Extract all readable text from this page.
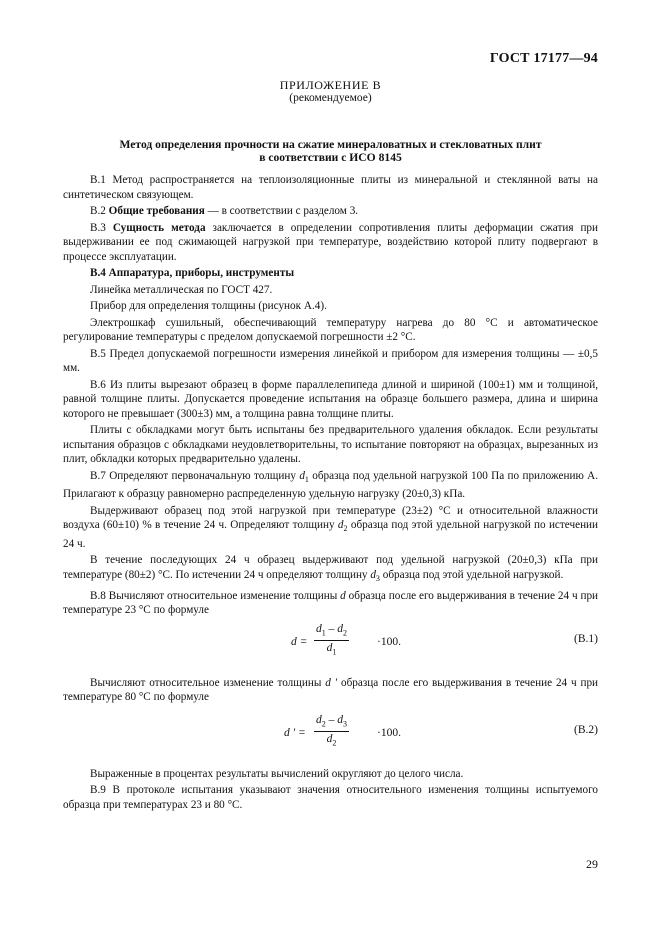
ГОСТ 17177—94
ПРИЛОЖЕНИЕ В
(рекомендуемое)
Метод определения прочности на сжатие минераловатных и стекловатных плит
в соответствии с ИСО 8145

В.1 Метод распространяется на теплоизоляционные плиты из минеральной и стеклянной ваты на синтетическом связующем.

В.2 Общие требования — в соответствии с разделом 3.

В.3 Сущность метода заключается в определении сопротивления плиты деформации сжатия при выдерживании ее под сжимающей нагрузкой при температуре, воздействию которой плиту подвергают в процессе эксплуатации.

В.4 Аппаратура, приборы, инструменты

Линейка металлическая по ГОСТ 427.

Прибор для определения толщины (рисунок А.4).

Электрошкаф сушильный, обеспечивающий температуру нагрева до 80 °С и автоматическое регулирование температуры с пределом допускаемой погрешности ±2 °С.

В.5 Предел допускаемой погрешности измерения линейкой и прибором для измерения толщины — ±0,5 мм.

В.6 Из плиты вырезают образец в форме параллелепипеда длиной и шириной (100±1) мм и толщиной, равной толщине плиты. Допускается проведение испытания на образце большего размера, длина и ширина которого не превышает (300±3) мм, а толщина равна толщине плиты.

Плиты с обкладками могут быть испытаны без предварительного удаления обкладок. Если результаты испытания образцов с обкладками неудовлетворительны, то испытание повторяют на образцах, вырезанных из плит, обкладки которых предварительно удалены.

В.7 Определяют первоначальную толщину $d_1$ образца под удельной нагрузкой 100 Па по приложению А. Прилагают к образцу равномерно распределенную удельную нагрузку (20±0,3) кПа.

Выдерживают образец под этой нагрузкой при температуре (23±2) °С и относительной влажности воздуха (60±10) % в течение 24 ч. Определяют толщину $d_2$ образца под этой удельной нагрузкой по истечении 24 ч.

В течение последующих 24 ч образец выдерживают под удельной нагрузкой (20±0,3) кПа при температуре (80±2) °С. По истечении 24 ч определяют толщину $d_3$ образца под этой удельной нагрузкой.

В.8 Вычисляют относительное изменение толщины d образца после его выдерживания в течение 24 ч при температуре 23 °С по формуле

$d = \frac{d_1 - d_2}{d_1} \cdot 100$.	(В.1)

Вычисляют относительное изменение толщины d ′ образца после его выдерживания в течение 24 ч при температуре 80 °С по формуле

d ′ = $\frac{d_2 - d_3}{d_2} \cdot 100$.	(В.2)

Выраженные в процентах результаты вычислений округляют до целого числа.

В.9 В протоколе испытания указывают значения относительного изменения толщины испытуемого образца при температурах 23 и 80 °С.

29
